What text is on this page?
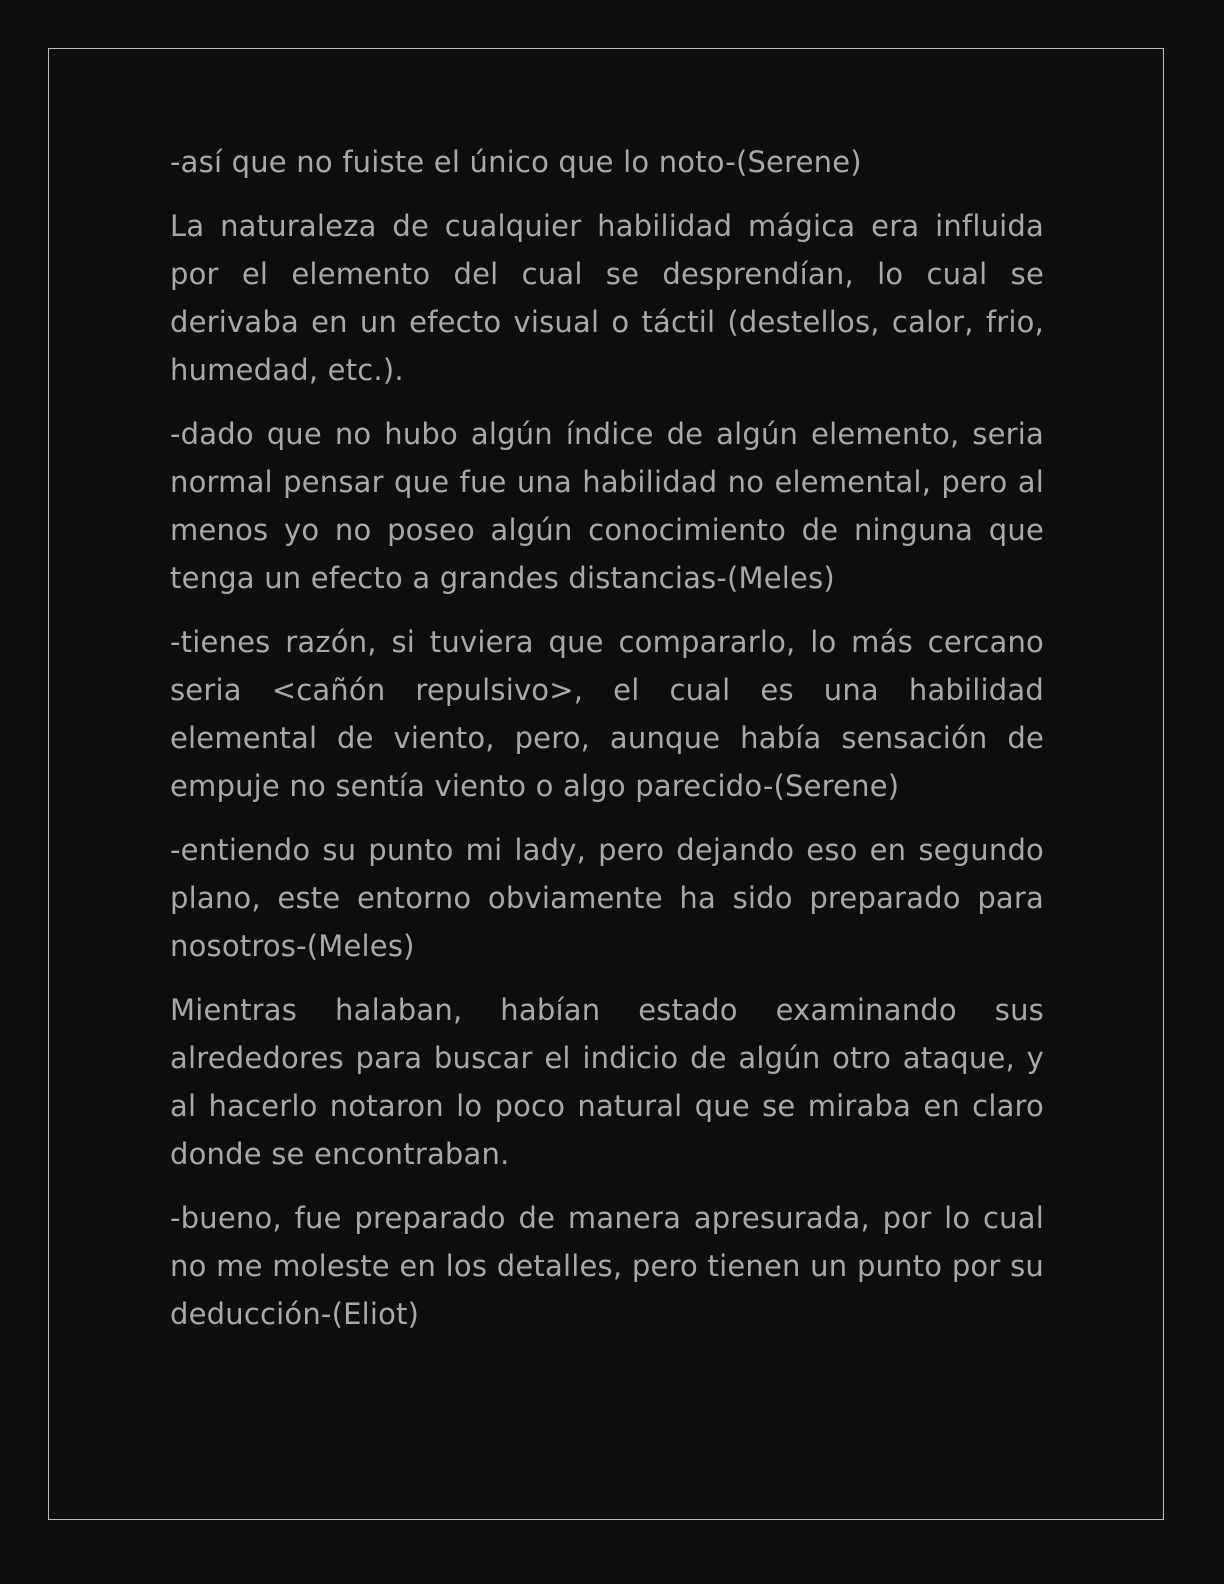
-así que no fuiste el único que lo noto-(Serene)

La naturaleza de cualquier habilidad mágica era influida por el elemento del cual se desprendían, lo cual se derivaba en un efecto visual o táctil (destellos, calor, frio, humedad, etc.).

-dado que no hubo algún índice de algún elemento, seria normal pensar que fue una habilidad no elemental, pero al menos yo no poseo algún conocimiento de ninguna que tenga un efecto a grandes distancias-(Meles)

-tienes razón, si tuviera que compararlo, lo más cercano seria <cañón repulsivo>, el cual es una habilidad elemental de viento, pero, aunque había sensación de empuje no sentía viento o algo parecido-(Serene)

-entiendo su punto mi lady, pero dejando eso en segundo plano, este entorno obviamente ha sido preparado para nosotros-(Meles)

Mientras halaban, habían estado examinando sus alrededores para buscar el indicio de algún otro ataque, y al hacerlo notaron lo poco natural que se miraba en claro donde se encontraban.

-bueno, fue preparado de manera apresurada, por lo cual no me moleste en los detalles, pero tienen un punto por su deducción-(Eliot)
